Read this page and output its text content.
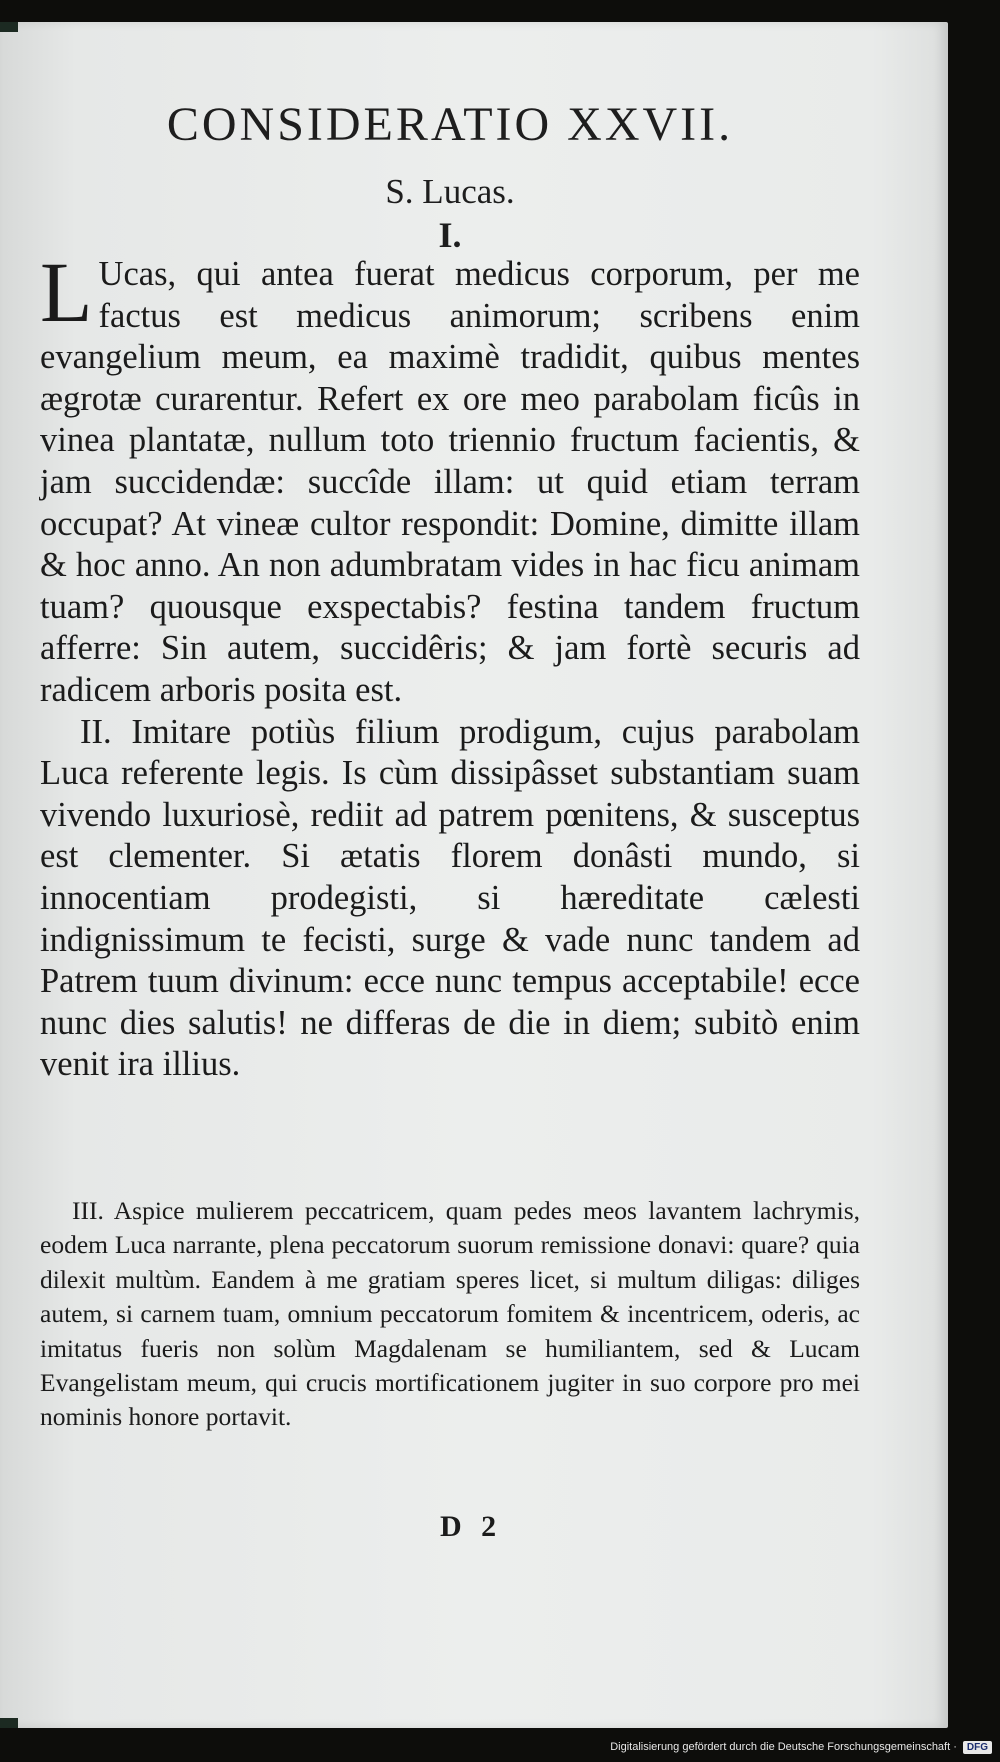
CONSIDERATIO XXVII.
S. Lucas.
I.

L Ucas, qui antea fuerat medicus corporum, per me factus est medicus animorum; scribens enim evangelium meum, ea maximè tradidit, quibus mentes ægrotæ curarentur. Refert ex ore meo parabolam ficûs in vinea plantatæ, nullum toto triennio fructum facientis, & jam succidendæ: succîde illam: ut quid etiam terram occupat? At vineæ cultor respondit: Domine, dimitte illam & hoc anno. An non adumbratam vides in hac ficu animam tuam? quousque exspectabis? festina tandem fructum afferre: Sin autem, succidêris; & jam fortè securis ad radicem arboris posita est.

II. Imitare potiùs filium prodigum, cujus parabolam Luca referente legis. Is cùm dissipâsset substantiam suam vivendo luxuriosè, rediit ad patrem pœnitens, & susceptus est clementer. Si ætatis florem donâsti mundo, si innocentiam prodegisti, si hæreditate cælesti indignissimum te fecisti, surge & vade nunc tandem ad Patrem tuum divinum: ecce nunc tempus acceptabile! ecce nunc dies salutis! ne differas de die in diem; subitò enim venit ira illius.

III. Aspice mulierem peccatricem, quam pedes meos lavantem lachrymis, eodem Luca narrante, plena peccatorum suorum remissione donavi: quare? quia dilexit multùm. Eandem à me gratiam speres licet, si multum diligas: diliges autem, si carnem tuam, omnium peccatorum fomitem & incentricem, oderis, ac imitatus fueris non solùm Magdalenam se humiliantem, sed & Lucam Evangelistam meum, qui crucis mortificationem jugiter in suo corpore pro mei nominis honore portavit.

D 2
Digitalisierung gefördert durch die Deutsche Forschungsgemeinschaft ·	DFG
